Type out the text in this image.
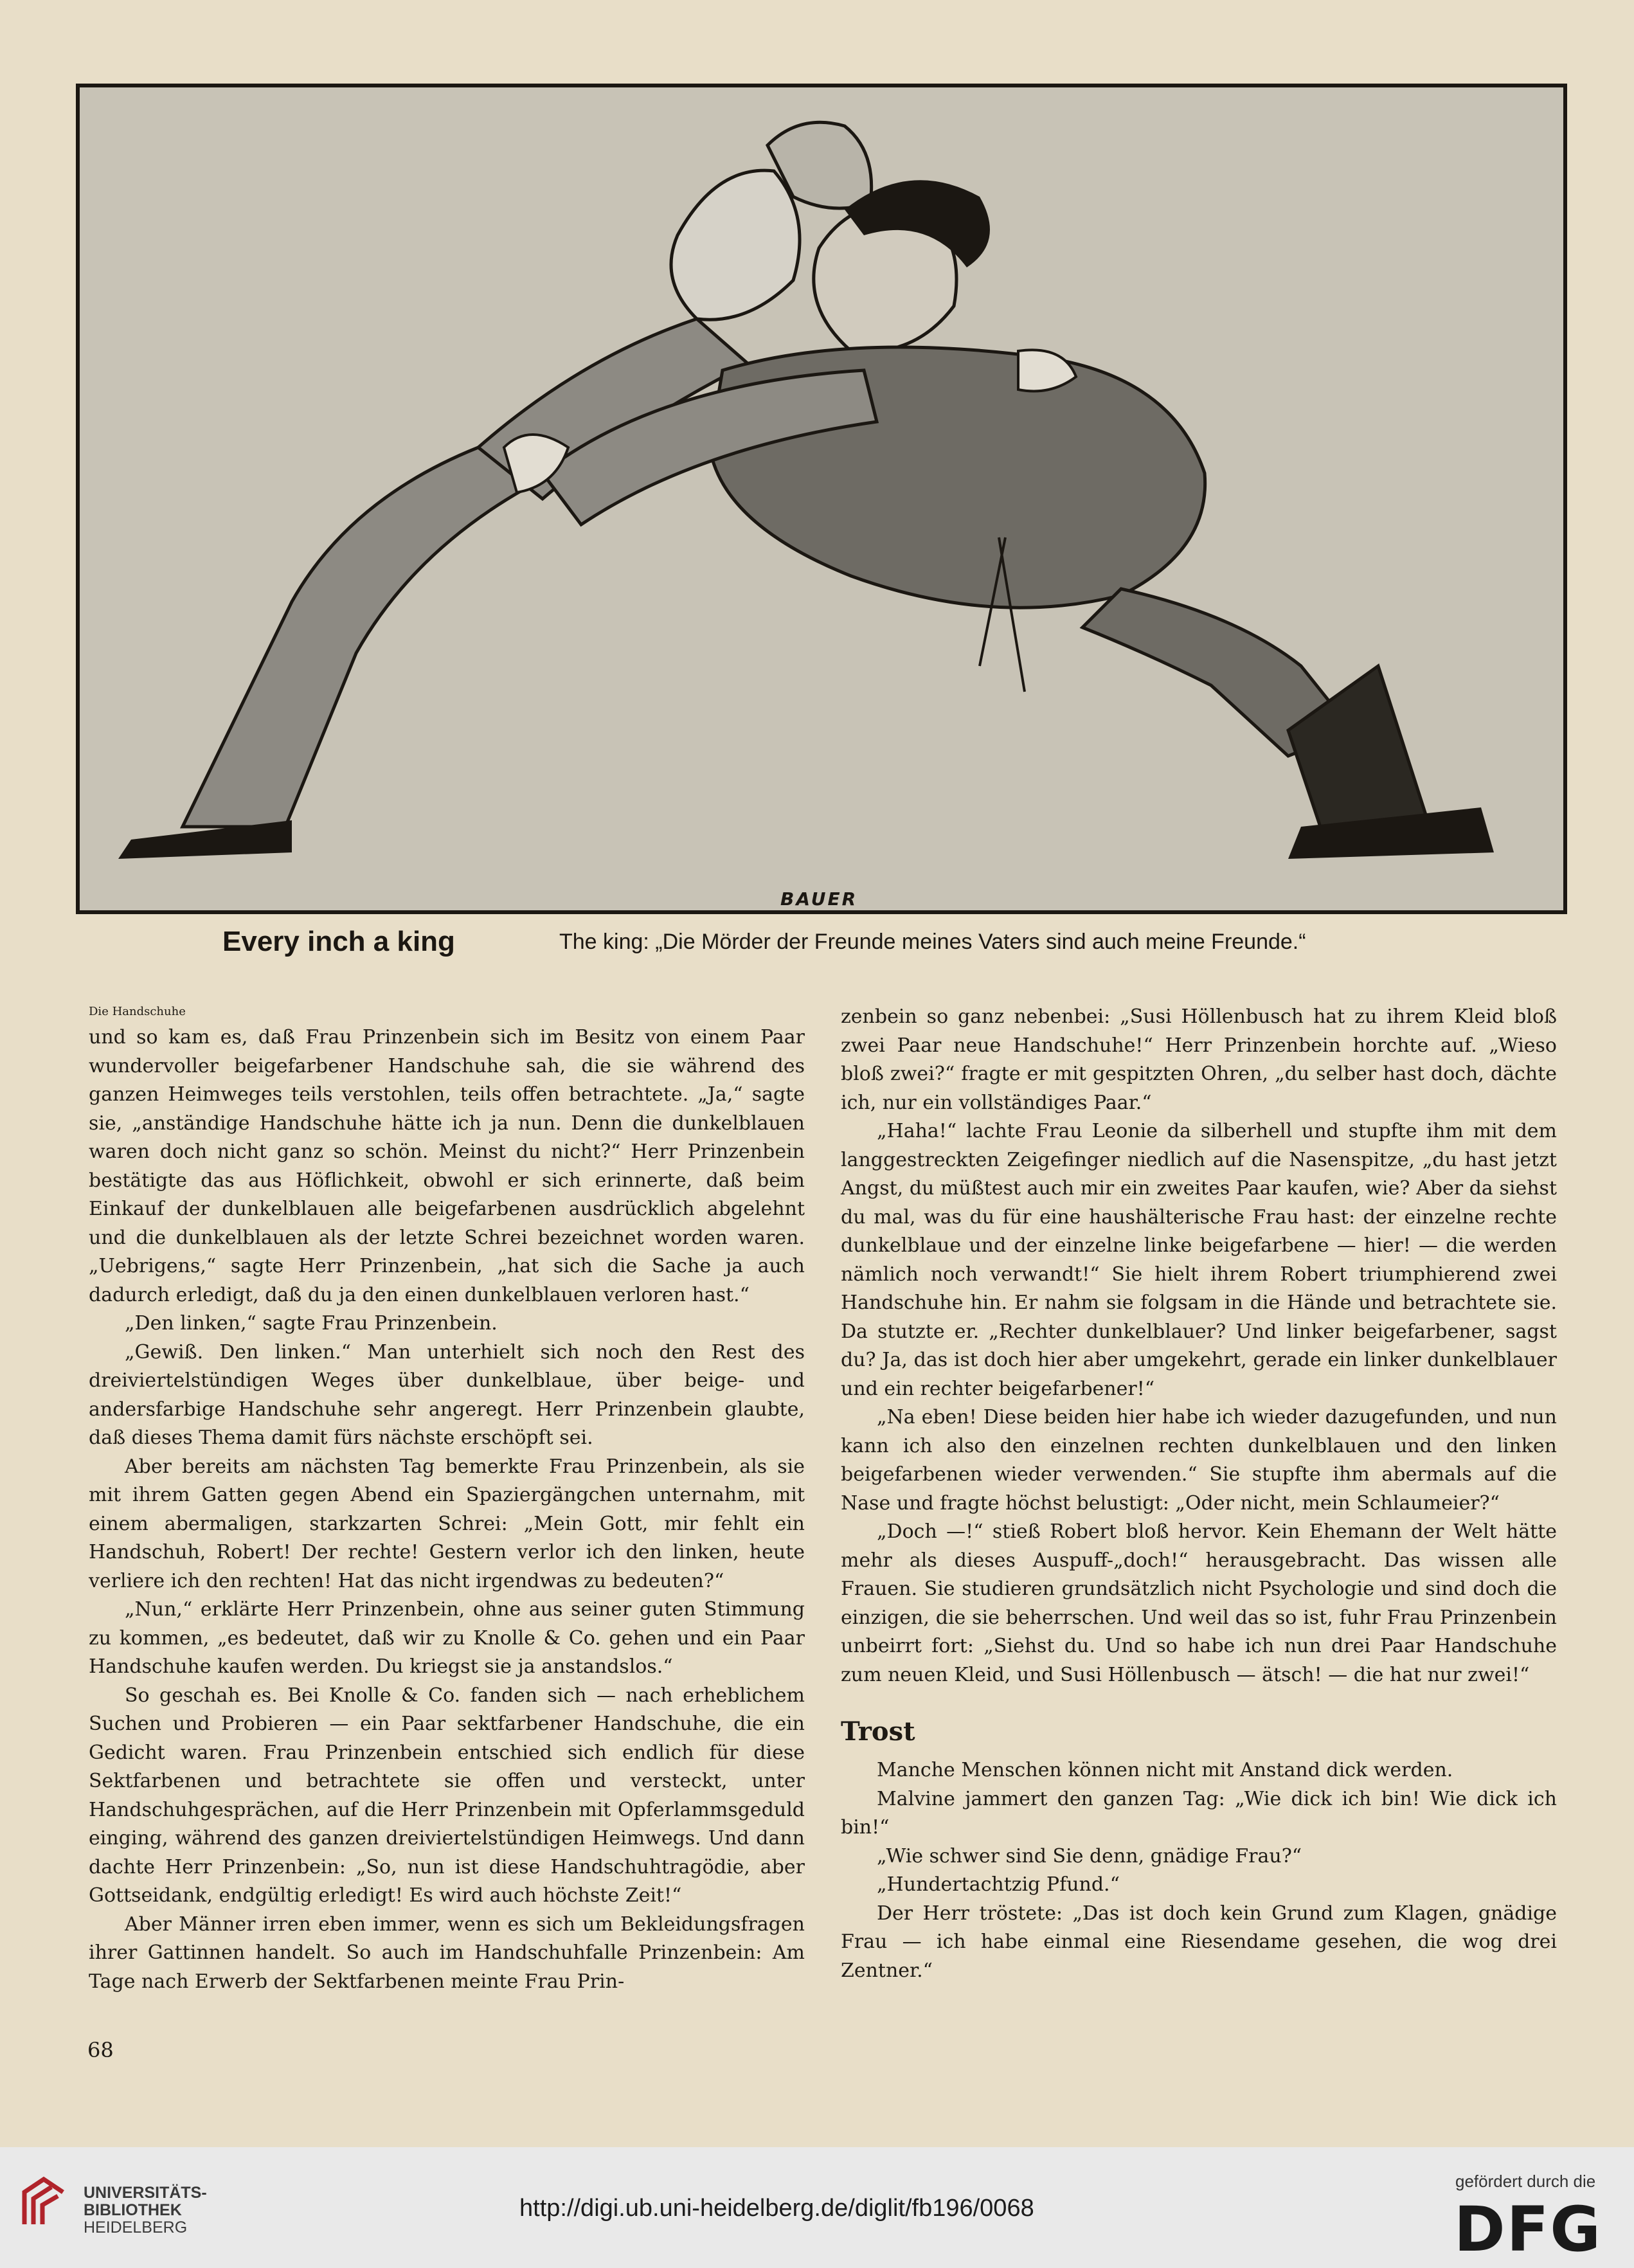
BAUER
Every inch a king	The king: „Die Mörder der Freunde meines Vaters sind auch meine Freunde.“

Die Handschuhe

und so kam es, daß Frau Prinzenbein sich im Besitz von einem Paar wundervoller beigefarbener Handschuhe sah, die sie während des ganzen Heimweges teils verstohlen, teils offen betrachtete. „Ja,“ sagte sie, „anständige Handschuhe hätte ich ja nun. Denn die dunkelblauen waren doch nicht ganz so schön. Meinst du nicht?“ Herr Prinzenbein bestätigte das aus Höflichkeit, obwohl er sich erinnerte, daß beim Einkauf der dunkelblauen alle beigefarbenen ausdrücklich abgelehnt und die dunkelblauen als der letzte Schrei bezeichnet worden waren. „Uebrigens,“ sagte Herr Prinzenbein, „hat sich die Sache ja auch dadurch erledigt, daß du ja den einen dunkelblauen verloren hast.“

„Den linken,“ sagte Frau Prinzenbein.

„Gewiß. Den linken.“ Man unterhielt sich noch den Rest des dreiviertelstündigen Weges über dunkelblaue, über beige- und andersfarbige Handschuhe sehr angeregt. Herr Prinzenbein glaubte, daß dieses Thema damit fürs nächste erschöpft sei.

Aber bereits am nächsten Tag bemerkte Frau Prinzenbein, als sie mit ihrem Gatten gegen Abend ein Spaziergängchen unternahm, mit einem abermaligen, starkzarten Schrei: „Mein Gott, mir fehlt ein Handschuh, Robert! Der rechte! Gestern verlor ich den linken, heute verliere ich den rechten! Hat das nicht irgendwas zu bedeuten?“

„Nun,“ erklärte Herr Prinzenbein, ohne aus seiner guten Stimmung zu kommen, „es bedeutet, daß wir zu Knolle & Co. gehen und ein Paar Handschuhe kaufen werden. Du kriegst sie ja anstandslos.“

So geschah es. Bei Knolle & Co. fanden sich — nach erheblichem Suchen und Probieren — ein Paar sektfarbener Handschuhe, die ein Gedicht waren. Frau Prinzenbein entschied sich endlich für diese Sektfarbenen und betrachtete sie offen und versteckt, unter Handschuhgesprächen, auf die Herr Prinzenbein mit Opferlammsgeduld einging, während des ganzen dreiviertelstündigen Heimwegs. Und dann dachte Herr Prinzenbein: „So, nun ist diese Handschuhtragödie, aber Gottseidank, endgültig erledigt! Es wird auch höchste Zeit!“

Aber Männer irren eben immer, wenn es sich um Bekleidungsfragen ihrer Gattinnen handelt. So auch im Handschuhfalle Prinzenbein: Am Tage nach Erwerb der Sektfarbenen meinte Frau Prin-

zenbein so ganz nebenbei: „Susi Höllenbusch hat zu ihrem Kleid bloß zwei Paar neue Handschuhe!“ Herr Prinzenbein horchte auf. „Wieso bloß zwei?“ fragte er mit gespitzten Ohren, „du selber hast doch, dächte ich, nur ein vollständiges Paar.“

„Haha!“ lachte Frau Leonie da silberhell und stupfte ihm mit dem langgestreckten Zeigefinger niedlich auf die Nasenspitze, „du hast jetzt Angst, du müßtest auch mir ein zweites Paar kaufen, wie? Aber da siehst du mal, was du für eine haushälterische Frau hast: der einzelne rechte dunkelblaue und der einzelne linke beigefarbene — hier! — die werden nämlich noch verwandt!“ Sie hielt ihrem Robert triumphierend zwei Handschuhe hin. Er nahm sie folgsam in die Hände und betrachtete sie. Da stutzte er. „Rechter dunkelblauer? Und linker beigefarbener, sagst du? Ja, das ist doch hier aber umgekehrt, gerade ein linker dunkelblauer und ein rechter beigefarbener!“

„Na eben! Diese beiden hier habe ich wieder dazugefunden, und nun kann ich also den einzelnen rechten dunkelblauen und den linken beigefarbenen wieder verwenden.“ Sie stupfte ihm abermals auf die Nase und fragte höchst belustigt: „Oder nicht, mein Schlaumeier?“

„Doch —!“ stieß Robert bloß hervor. Kein Ehemann der Welt hätte mehr als dieses Auspuff-„doch!“ herausgebracht. Das wissen alle Frauen. Sie studieren grundsätzlich nicht Psychologie und sind doch die einzigen, die sie beherrschen. Und weil das so ist, fuhr Frau Prinzenbein unbeirrt fort: „Siehst du. Und so habe ich nun drei Paar Handschuhe zum neuen Kleid, und Susi Höllenbusch — ätsch! — die hat nur zwei!“

Trost

Manche Menschen können nicht mit Anstand dick werden.

Malvine jammert den ganzen Tag: „Wie dick ich bin! Wie dick ich bin!“

„Wie schwer sind Sie denn, gnädige Frau?“

„Hundertachtzig Pfund.“

Der Herr tröstete: „Das ist doch kein Grund zum Klagen, gnädige Frau — ich habe einmal eine Riesendame gesehen, die wog drei Zentner.“

68
UNIVERSITÄTS-
BIBLIOTHEK
HEIDELBERG
http://digi.ub.uni-heidelberg.de/diglit/fb196/0068
gefördert durch die
DFG
